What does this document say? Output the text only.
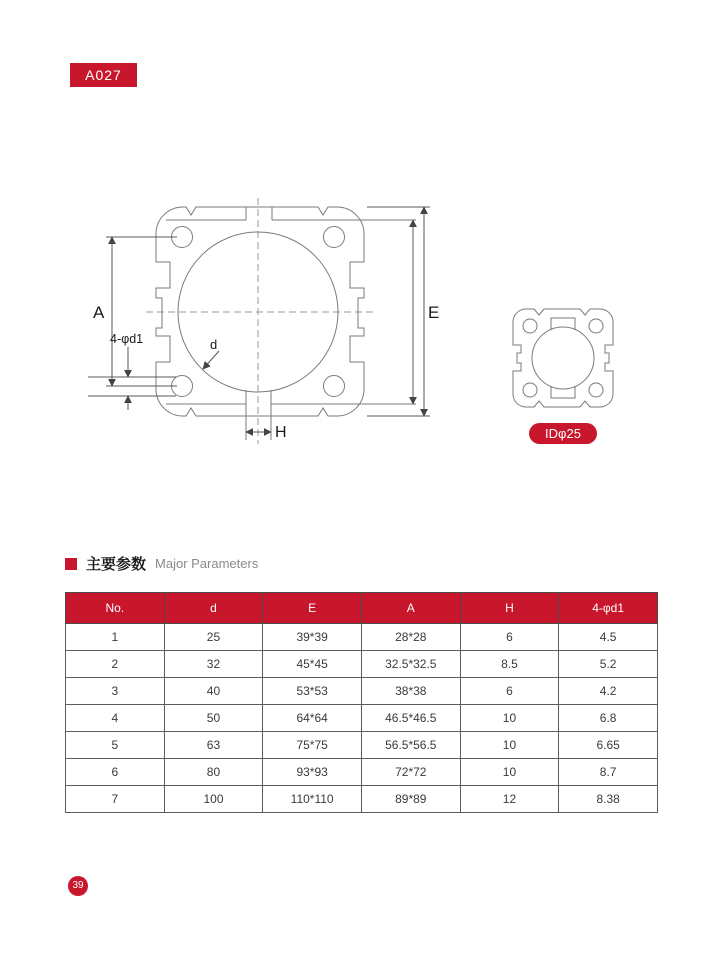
A027
A
4-φd1
E
H
d
IDφ25
主要参数 Major Parameters
No.	d	E	A	H	4-φd1
1	25	39*39	28*28	6	4.5
2	32	45*45	32.5*32.5	8.5	5.2
3	40	53*53	38*38	6	4.2
4	50	64*64	46.5*46.5	10	6.8
5	63	75*75	56.5*56.5	10	6.65
6	80	93*93	72*72	10	8.7
7	100	110*110	89*89	12	8.38
39
